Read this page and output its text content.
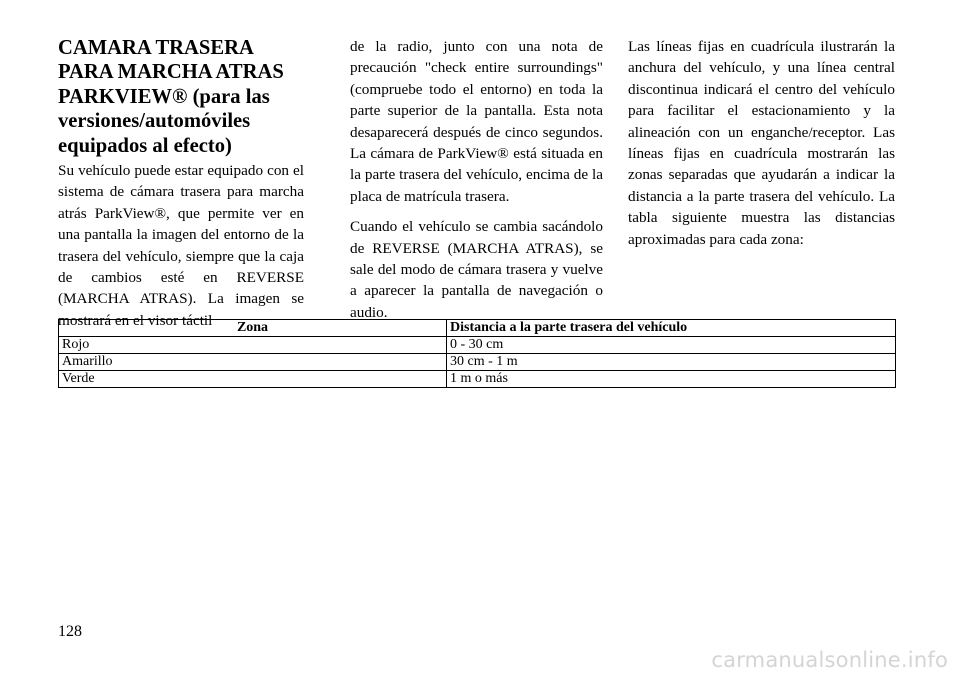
CAMARA TRASERA PARA MARCHA ATRAS PARKVIEW® (para las versiones/automóviles equipados al efecto)

Su vehículo puede estar equipado con el sistema de cámara trasera para marcha atrás ParkView®, que permite ver en una pantalla la imagen del entorno de la trasera del vehículo, siempre que la caja de cambios esté en REVERSE (MARCHA ATRAS). La imagen se mostrará en el visor táctil

de la radio, junto con una nota de precaución "check entire surroundings" (compruebe todo el entorno) en toda la parte superior de la pantalla. Esta nota desaparecerá después de cinco segundos. La cámara de ParkView® está situada en la parte trasera del vehículo, encima de la placa de matrícula trasera.

Cuando el vehículo se cambia sacándolo de REVERSE (MARCHA ATRAS), se sale del modo de cámara trasera y vuelve a aparecer la pantalla de navegación o audio.

Las líneas fijas en cuadrícula ilustrarán la anchura del vehículo, y una línea central discontinua indicará el centro del vehículo para facilitar el estacionamiento y la alineación con un enganche/receptor. Las líneas fijas en cuadrícula mostrarán las zonas separadas que ayudarán a indicar la distancia a la parte trasera del vehículo. La tabla siguiente muestra las distancias aproximadas para cada zona:

Zona	Distancia a la parte trasera del vehículo
Rojo	0 - 30 cm
Amarillo	30 cm - 1 m
Verde	1 m o más
128
carmanualsonline.info
